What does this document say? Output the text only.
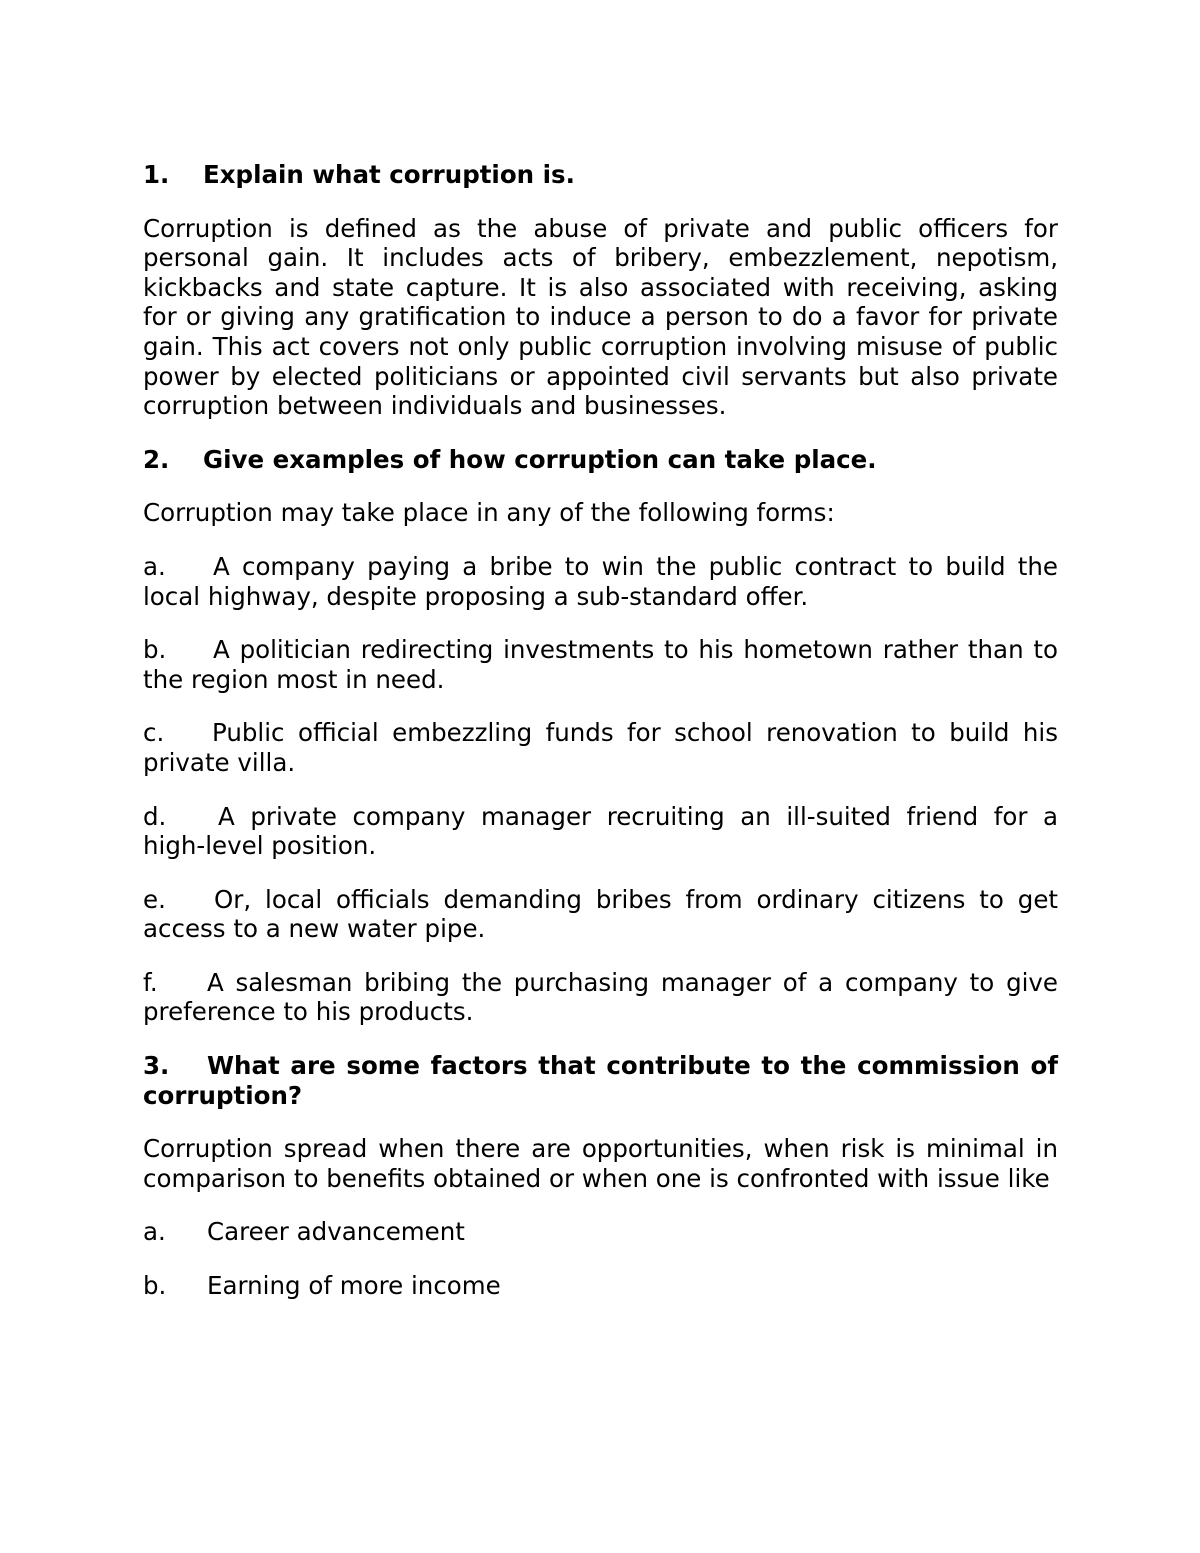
1.	Explain what corruption is.

Corruption is defined as the abuse of private and public officers for personal gain. It includes acts of bribery, embezzlement, nepotism, kickbacks and state capture. It is also associated with receiving, asking for or giving any gratification to induce a person to do a favor for private gain. This act covers not only public corruption involving misuse of public power by elected politicians or appointed civil servants but also private corruption between individuals and businesses.

2.	Give examples of how corruption can take place.

Corruption may take place in any of the following forms:

a. A company paying a bribe to win the public contract to build the local highway, despite proposing a sub-standard offer.

b. A politician redirecting investments to his hometown rather than to the region most in need.

c. Public official embezzling funds for school renovation to build his private villa.

d. A private company manager recruiting an ill-suited friend for a high-level position.

e. Or, local officials demanding bribes from ordinary citizens to get access to a new water pipe.

f. A salesman bribing the purchasing manager of a company to give preference to his products.

3. What are some factors that contribute to the commission of corruption?

Corruption spread when there are opportunities, when risk is minimal in comparison to benefits obtained or when one is confronted with issue like

a.	Career advancement
b.	Earning of more income
